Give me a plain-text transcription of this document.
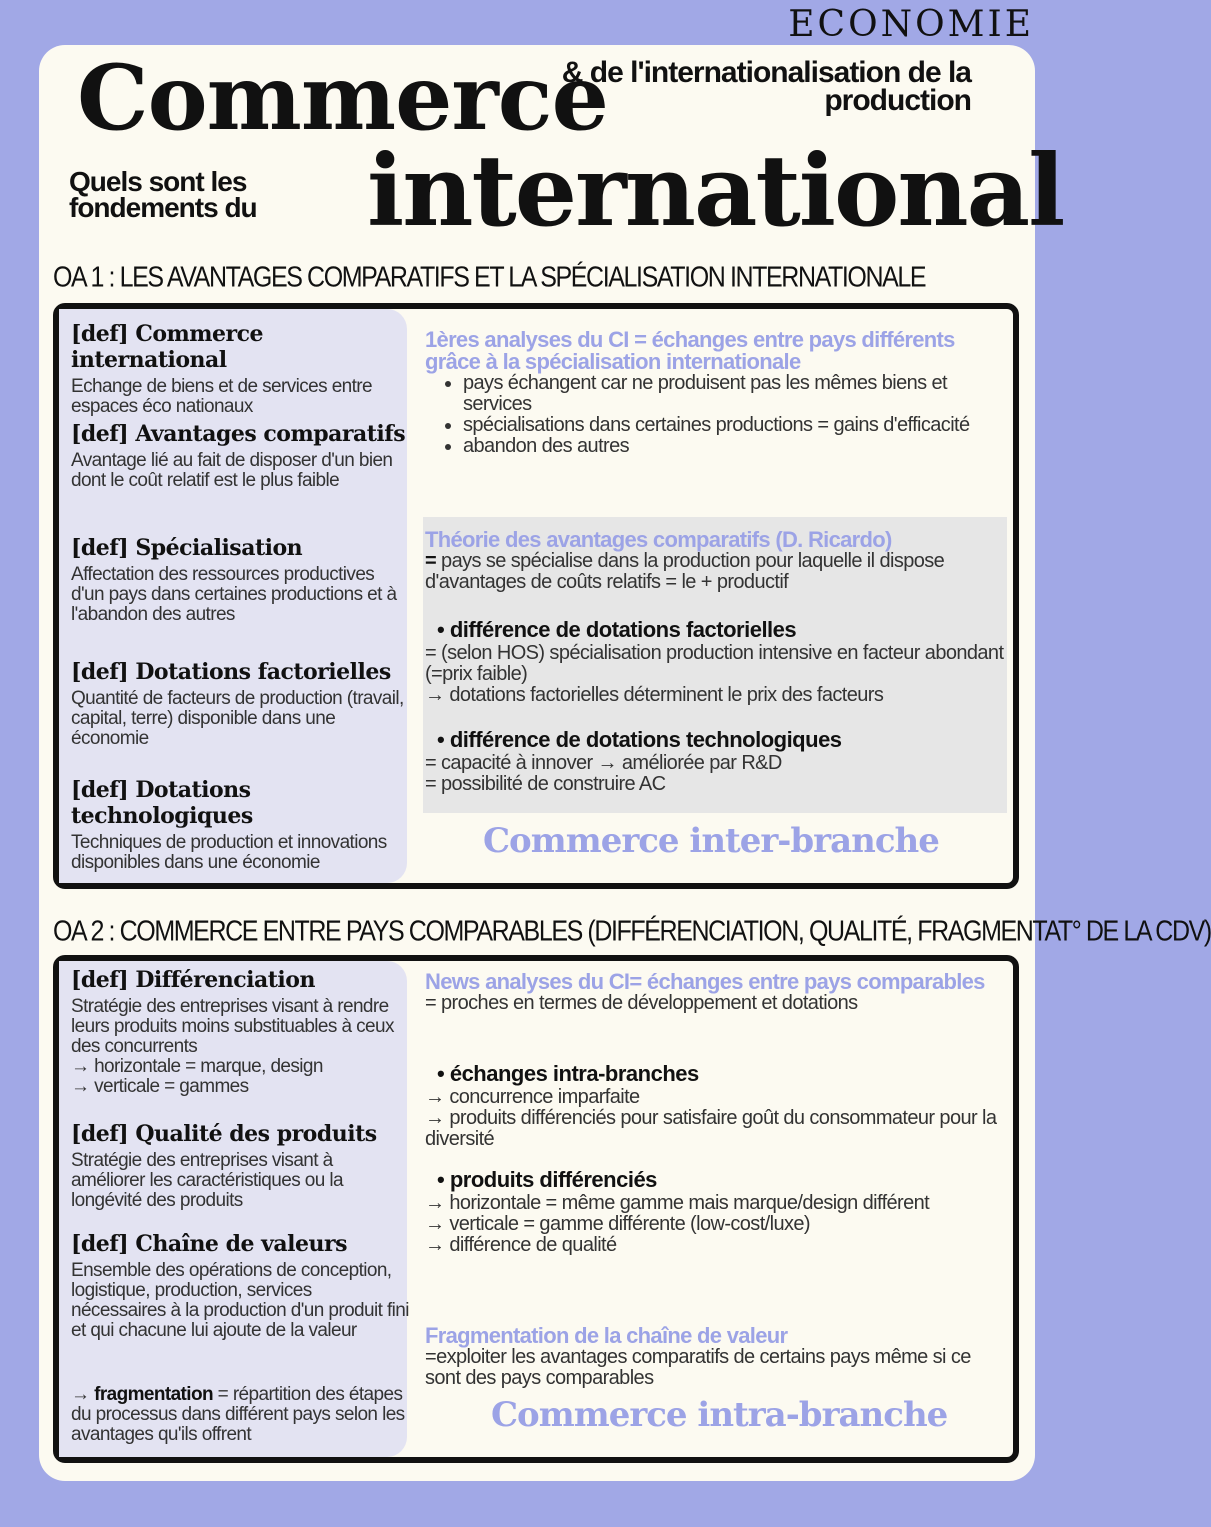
ECONOMIE
Commerce
international
& de l'internationalisation de la
production
Quels sont les
fondements du
OA 1 : LES AVANTAGES COMPARATIFS ET LA SPÉCIALISATION INTERNATIONALE
[def] Commerce international
Echange de biens et de services entre espaces éco nationaux
[def] Avantages comparatifs
Avantage lié au fait de disposer d'un bien dont le coût relatif est le plus faible
[def] Spécialisation
Affectation des ressources productives d'un pays dans certaines productions et à l'abandon des autres
[def] Dotations factorielles
Quantité de facteurs de production (travail, capital, terre) disponible dans une économie
[def] Dotations technologiques
Techniques de production et innovations disponibles dans une économie
1ères analyses du CI = échanges entre pays différents grâce à la spécialisation internationale
• pays échangent car ne produisent pas les mêmes biens et services
• spécialisations dans certaines productions = gains d'efficacité
• abandon des autres
Théorie des avantages comparatifs (D. Ricardo)
= pays se spécialise dans la production pour laquelle il dispose d'avantages de coûts relatifs = le + productif
• différence de dotations factorielles
= (selon HOS) spécialisation production intensive en facteur abondant (=prix faible)
→ dotations factorielles déterminent le prix des facteurs
• différence de dotations technologiques
= capacité à innover → améliorée par R&D
= possibilité de construire AC
Commerce inter-branche
OA 2 : COMMERCE ENTRE PAYS COMPARABLES (DIFFÉRENCIATION, QUALITÉ, FRAGMENTAT° DE LA CDV)
[def] Différenciation
Stratégie des entreprises visant à rendre leurs produits moins substituables à ceux des concurrents
→ horizontale = marque, design
→ verticale = gammes
[def] Qualité des produits
Stratégie des entreprises visant à améliorer les caractéristiques ou la longévité des produits
[def] Chaîne de valeurs
Ensemble des opérations de conception, logistique, production, services nécessaires à la production d'un produit fini et qui chacune lui ajoute de la valeur
→ fragmentation = répartition des étapes du processus dans différent pays selon les avantages qu'ils offrent
News analyses du CI= échanges entre pays comparables
= proches en termes de développement et dotations
• échanges intra-branches
→ concurrence imparfaite
→ produits différenciés pour satisfaire goût du consommateur pour la diversité
• produits différenciés
→ horizontale = même gamme mais marque/design différent
→ verticale = gamme différente (low-cost/luxe)
→ différence de qualité
Fragmentation de la chaîne de valeur
=exploiter les avantages comparatifs de certains pays même si ce sont des pays comparables
Commerce intra-branche
